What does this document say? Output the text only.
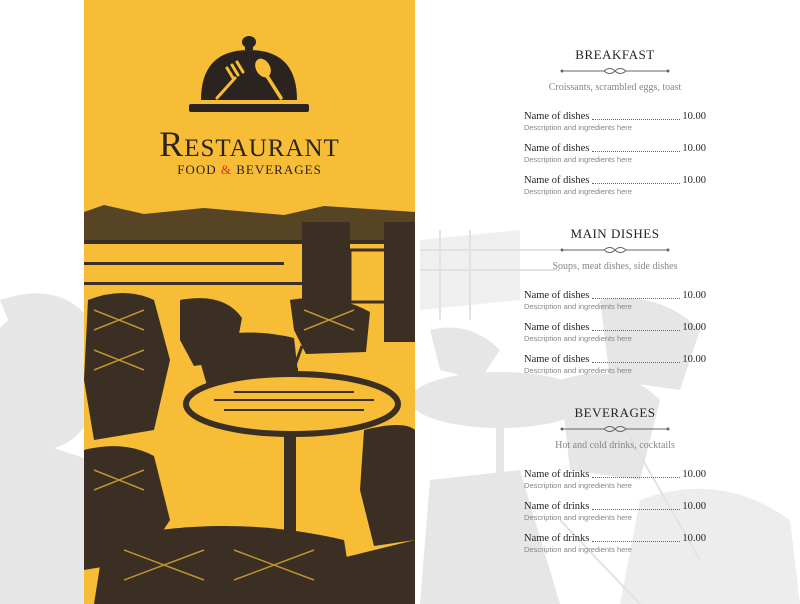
Restaurant
FOOD & BEVERAGES
BREAKFAST
Croissants, scrambled eggs, toast
Name of dishes	10.00
Description and ingredients here
Name of dishes	10.00
Description and ingredients here
Name of dishes	10.00
Description and ingredients here
MAIN DISHES
Soups, meat dishes, side dishes
Name of dishes	10.00
Description and ingredients here
Name of dishes	10.00
Description and ingredients here
Name of dishes	10.00
Description and ingredients here
BEVERAGES
Hot and cold drinks, cocktails
Name of drinks	10.00
Description and ingredients here
Name of drinks	10.00
Description and ingredients here
Name of drinks	10.00
Description and ingredients here
